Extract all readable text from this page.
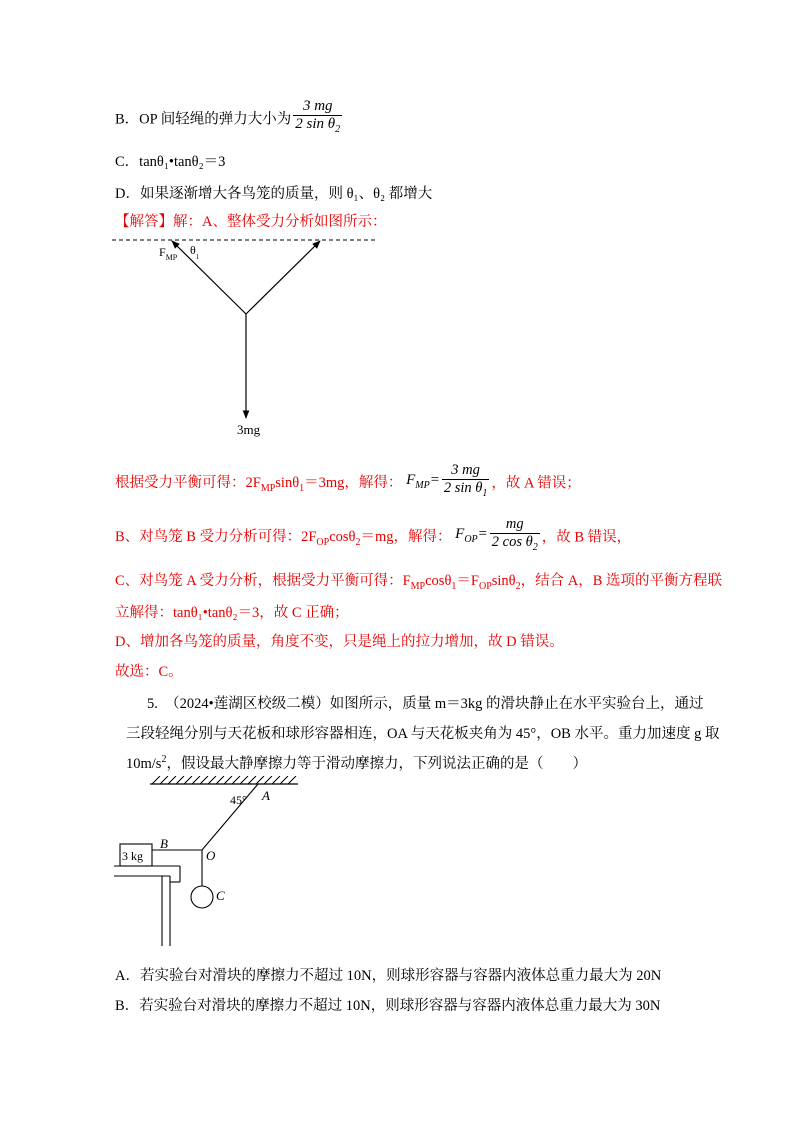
B．OP 间轻绳的弹力大小为 $\frac{3 mg}{2 \sin \theta_2}$
C．tanθ₁•tanθ₂＝3
D．如果逐渐增大各鸟笼的质量，则 θ₁、θ₂ 都增大
【解答】解：A、整体受力分析如图所示：
$F_{MP}$
$\theta_1$
3mg
根据受力平衡可得：$2F_{MP}\sin\theta_1=3mg$，解得： $F_{MP}= \frac{3 mg}{2 \sin \theta_1}$ ，故 A 错误；
B、对鸟笼 B 受力分析可得：$2F_{OP}\cos\theta_2=mg$，解得： $F_{OP}= \frac{mg}{2 \cos \theta_2}$ ，故 B 错误，
C、对鸟笼 A 受力分析，根据受力平衡可得：$F_{MP}\cos\theta_1=F_{OP}\sin\theta_2$，结合 A，B 选项的平衡方程联
立解得：tanθ₁•tanθ₂＝3，故 C 正确；
D、增加各鸟笼的质量，角度不变，只是绳上的拉力增加，故 D 错误。
故选：C。
5.　（2024•莲湖区校级二模）如图所示，质量 m＝3kg 的滑块静止在水平实验台上，通过
三段轻绳分别与天花板和球形容器相连，OA 与天花板夹角为 45°，OB 水平。重力加速度 g 取
$10m/s^2$，假设最大静摩擦力等于滑动摩擦力，下列说法正确的是（　　）
3 kg
45° A
B
O
C
A．若实验台对滑块的摩擦力不超过 10N，则球形容器与容器内液体总重力最大为 20N
B．若实验台对滑块的摩擦力不超过 10N，则球形容器与容器内液体总重力最大为 30N
